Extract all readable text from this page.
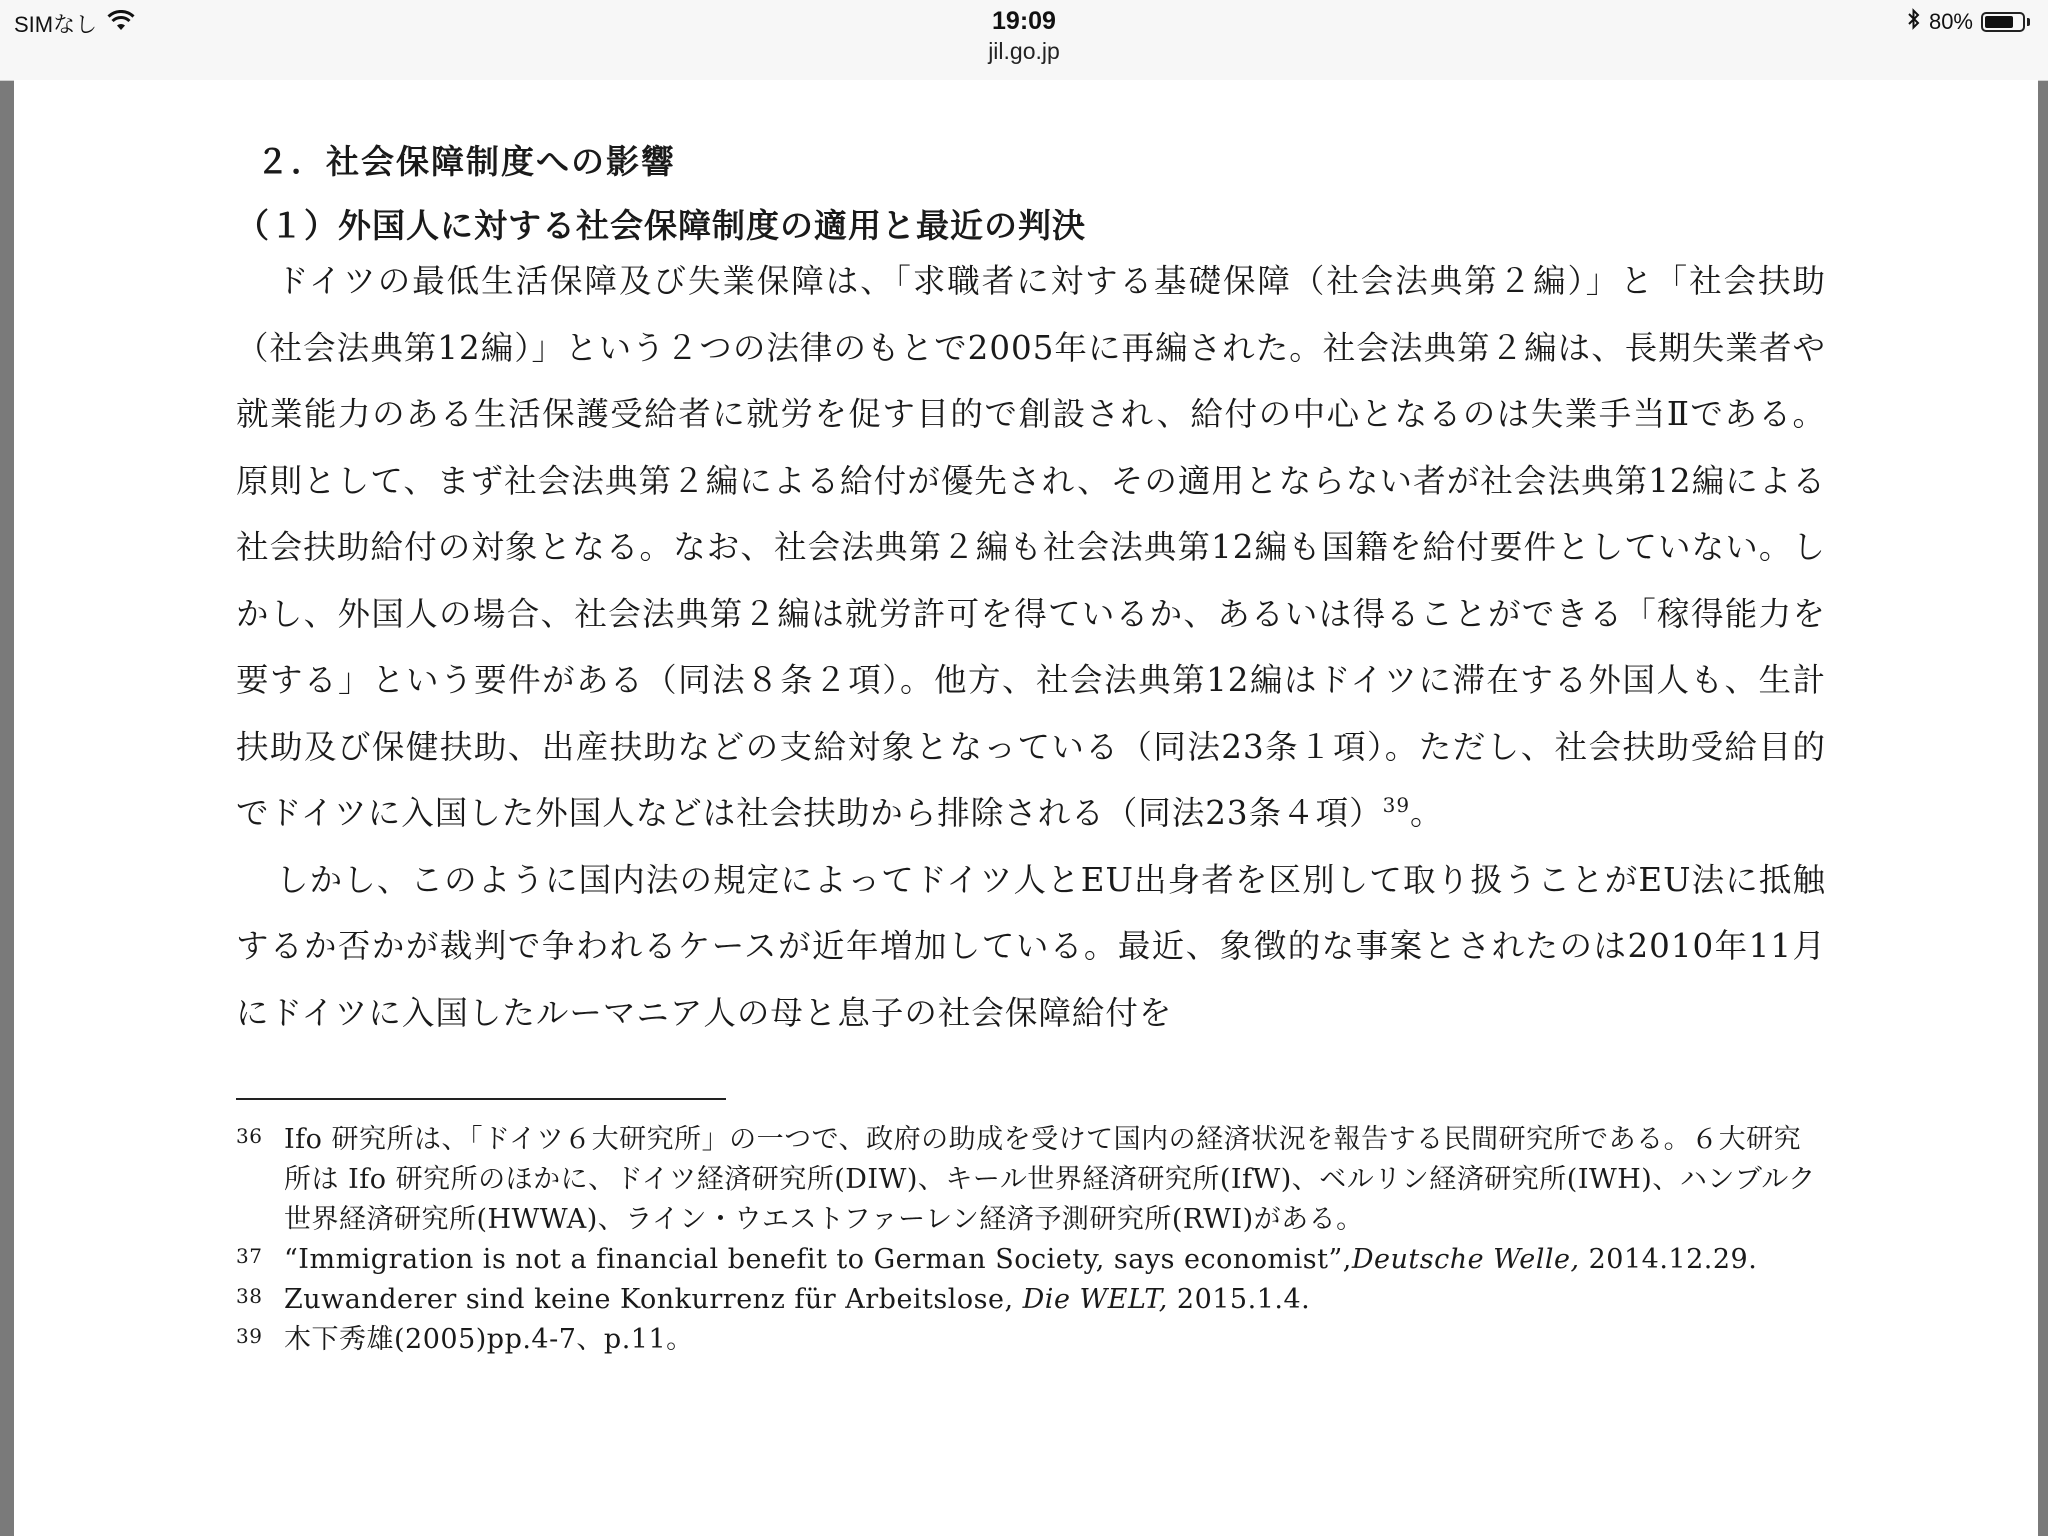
SIMなし	19:09
jil.go.jp
80%
２．社会保障制度への影響
（１）外国人に対する社会保障制度の適用と最近の判決

ドイツの最低生活保障及び失業保障は、「求職者に対する基礎保障（社会法典第２編）」と「社会扶助（社会法典第12編）」という２つの法律のもとで2005年に再編された。社会法典第２編は、長期失業者や就業能力のある生活保護受給者に就労を促す目的で創設され、給付の中心となるのは失業手当Ⅱである。原則として、まず社会法典第２編による給付が優先され、その適用とならない者が社会法典第12編による社会扶助給付の対象となる。なお、社会法典第２編も社会法典第12編も国籍を給付要件としていない。しかし、外国人の場合、社会法典第２編は就労許可を得ているか、あるいは得ることができる「稼得能力を要する」という要件がある（同法８条２項）。他方、社会法典第12編はドイツに滞在する外国人も、生計扶助及び保健扶助、出産扶助などの支給対象となっている（同法23条１項）。ただし、社会扶助受給目的でドイツに入国した外国人などは社会扶助から排除される（同法23条４項）$^{39}$。

しかし、このように国内法の規定によってドイツ人とEU出身者を区別して取り扱うことがEU法に抵触するか否かが裁判で争われるケースが近年増加している。最近、象徴的な事案とされたのは2010年11月にドイツに入国したルーマニア人の母と息子の社会保障給付を

36 Ifo 研究所は、「ドイツ６大研究所」の一つで、政府の助成を受けて国内の経済状況を報告する民間研究所である。６大研究所は Ifo 研究所のほかに、ドイツ経済研究所(DIW)、キール世界経済研究所(IfW)、ベルリン経済研究所(IWH)、ハンブルク世界経済研究所(HWWA)、ライン・ウエストファーレン経済予測研究所(RWI)がある。
37 “Immigration is not a financial benefit to German Society, says economist”,Deutsche Welle, 2014.12.29.
38 Zuwanderer sind keine Konkurrenz für Arbeitslose, Die WELT, 2015.1.4.
39 木下秀雄(2005)pp.4-7、p.11。
